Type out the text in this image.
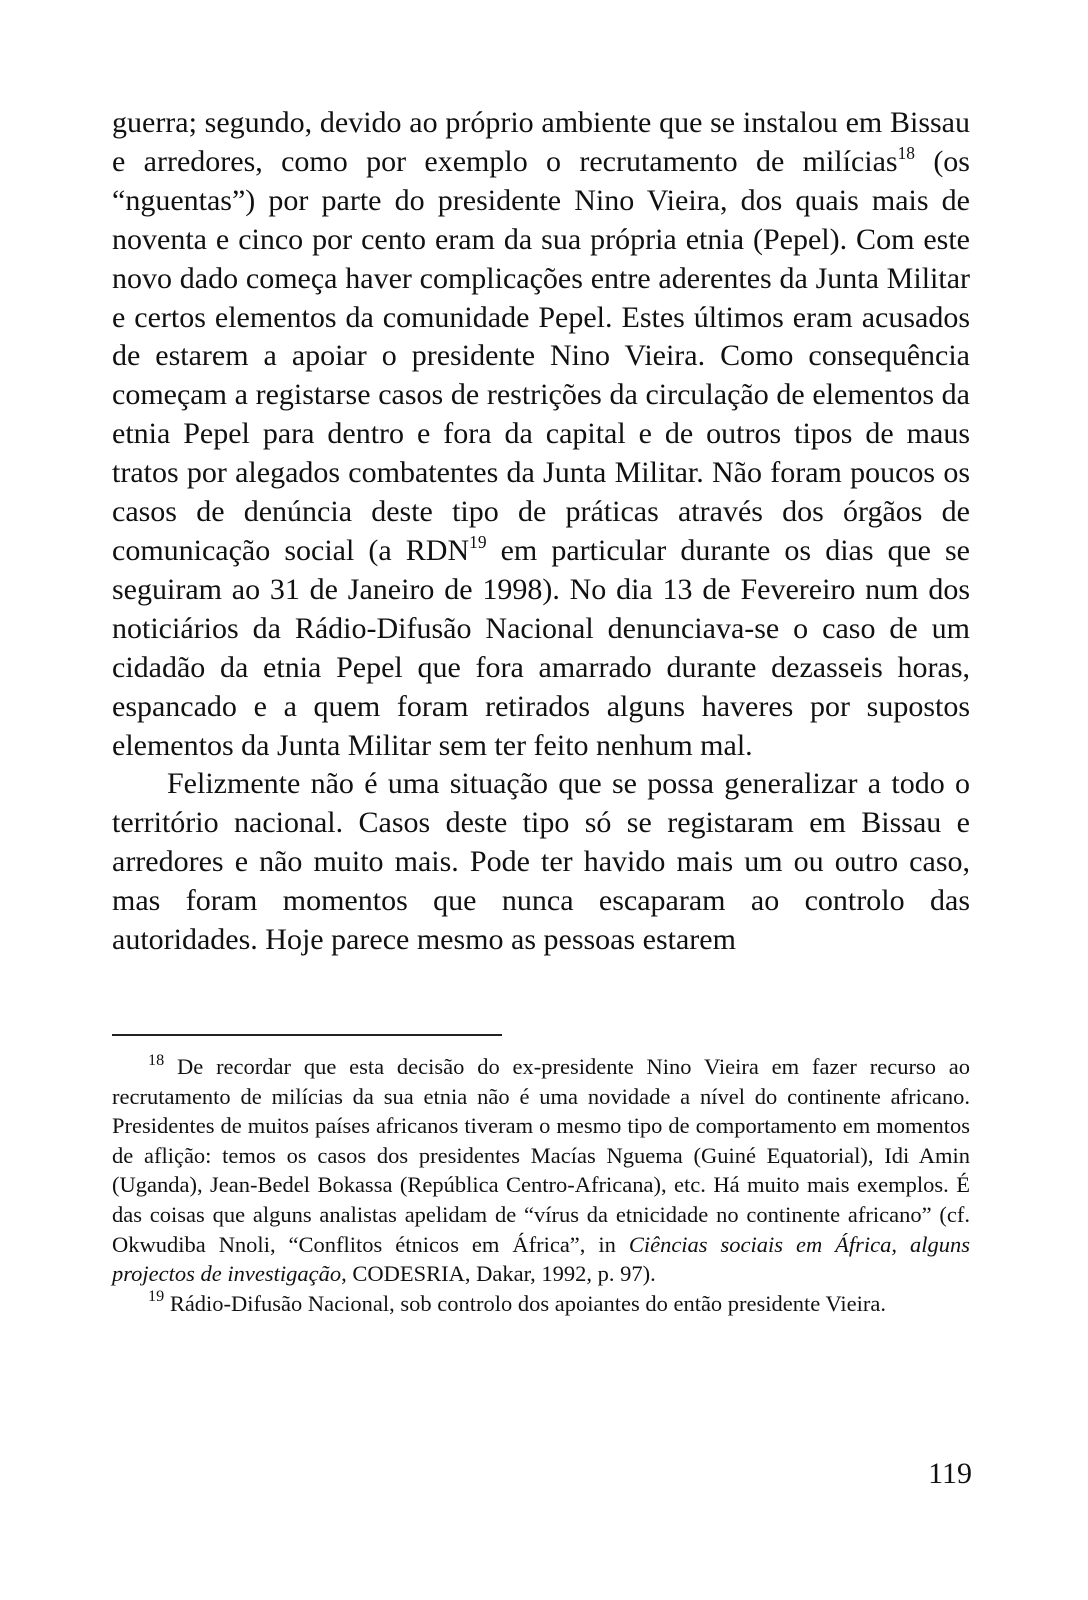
guerra; segundo, devido ao próprio ambiente que se instalou em Bissau e arredores, como por exemplo o recrutamento de milícias$^{18}$ (os “nguentas”) por parte do presidente Nino Vieira, dos quais mais de noventa e cinco por cento eram da sua própria etnia (Pepel). Com este novo dado começa haver complicações entre aderentes da Junta Militar e certos elementos da comunidade Pepel. Estes últimos eram acusados de estarem a apoiar o presidente Nino Vieira. Como consequência começam a registarse casos de restrições da circulação de elementos da etnia Pepel para dentro e fora da capital e de outros tipos de maus tratos por alegados combatentes da Junta Militar. Não foram poucos os casos de denúncia deste tipo de práticas através dos órgãos de comunicação social (a RDN$^{19}$ em particular durante os dias que se seguiram ao 31 de Janeiro de 1998). No dia 13 de Fevereiro num dos noticiários da Rádio-Difusão Nacional denunciava-se o caso de um cidadão da etnia Pepel que fora amarrado durante dezasseis horas, espancado e a quem foram retirados alguns haveres por supostos elementos da Junta Militar sem ter feito nenhum mal.

Felizmente não é uma situação que se possa generalizar a todo o território nacional. Casos deste tipo só se registaram em Bissau e arredores e não muito mais. Pode ter havido mais um ou outro caso, mas foram momentos que nunca escaparam ao controlo das autoridades. Hoje parece mesmo as pessoas estarem

$^{18}$ De recordar que esta decisão do ex-presidente Nino Vieira em fazer recurso ao recrutamento de milícias da sua etnia não é uma novidade a nível do continente africano. Presidentes de muitos países africanos tiveram o mesmo tipo de comportamento em momentos de aflição: temos os casos dos presidentes Macías Nguema (Guiné Equatorial), Idi Amin (Uganda), Jean-Bedel Bokassa (República Centro-Africana), etc. Há muito mais exemplos. É das coisas que alguns analistas apelidam de “vírus da etnicidade no continente africano” (cf. Okwudiba Nnoli, “Conflitos étnicos em África”, in Ciências sociais em África, alguns projectos de investigação, CODESRIA, Dakar, 1992, p. 97).

$^{19}$ Rádio-Difusão Nacional, sob controlo dos apoiantes do então presidente Vieira.

119
